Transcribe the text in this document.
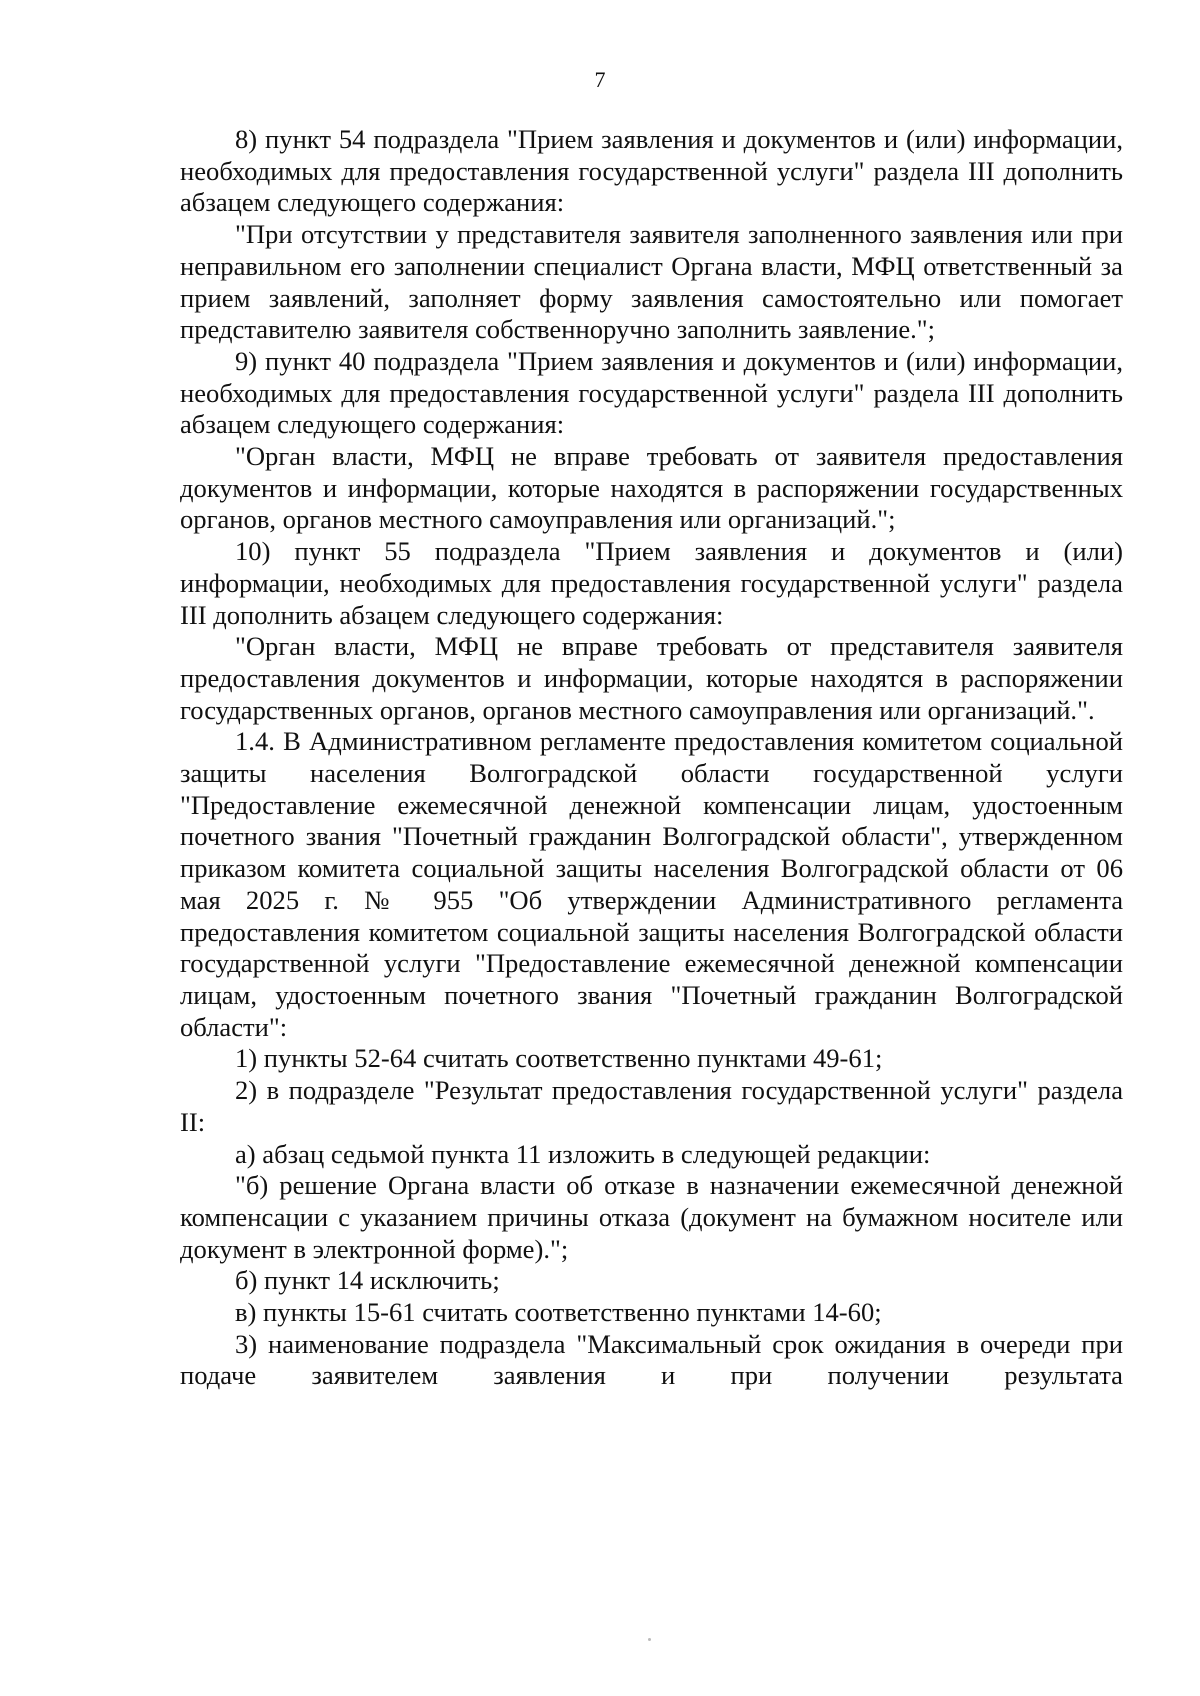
7

8) пункт 54 подраздела "Прием заявления и документов и (или) информации, необходимых для предоставления государственной услуги" раздела III дополнить абзацем следующего содержания:

"При отсутствии у представителя заявителя заполненного заявления или при неправильном его заполнении специалист Органа власти, МФЦ ответственный за прием заявлений, заполняет форму заявления самостоятельно или помогает представителю заявителя собственноручно заполнить заявление.";

9) пункт 40 подраздела "Прием заявления и документов и (или) информации, необходимых для предоставления государственной услуги" раздела III дополнить абзацем следующего содержания:

"Орган власти, МФЦ не вправе требовать от заявителя предоставления документов и информации, которые находятся в распоряжении государственных органов, органов местного самоуправления или организаций.";

10) пункт 55 подраздела "Прием заявления и документов и (или) информации, необходимых для предоставления государственной услуги" раздела III дополнить абзацем следующего содержания:

"Орган власти, МФЦ не вправе требовать от представителя заявителя предоставления документов и информации, которые находятся в распоряжении государственных органов, органов местного самоуправления или организаций.".

1.4. В Административном регламенте предоставления комитетом социальной защиты населения Волгоградской области государственной услуги "Предоставление ежемесячной денежной компенсации лицам, удостоенным почетного звания "Почетный гражданин Волгоградской области", утвержденном приказом комитета социальной защиты населения Волгоградской области от 06 мая 2025 г. № 955 "Об утверждении Административного регламента предоставления комитетом социальной защиты населения Волгоградской области государственной услуги "Предоставление ежемесячной денежной компенсации лицам, удостоенным почетного звания "Почетный гражданин Волгоградской области":

1) пункты 52-64 считать соответственно пунктами 49-61;

2) в подразделе "Результат предоставления государственной услуги" раздела II:

а) абзац седьмой пункта 11 изложить в следующей редакции:

"б) решение Органа власти об отказе в назначении ежемесячной денежной компенсации с указанием причины отказа (документ на бумажном носителе или документ в электронной форме).";

б) пункт 14 исключить;

в) пункты 15-61 считать соответственно пунктами 14-60;

3) наименование подраздела "Максимальный срок ожидания в очереди при подаче заявителем заявления и при получении результата
